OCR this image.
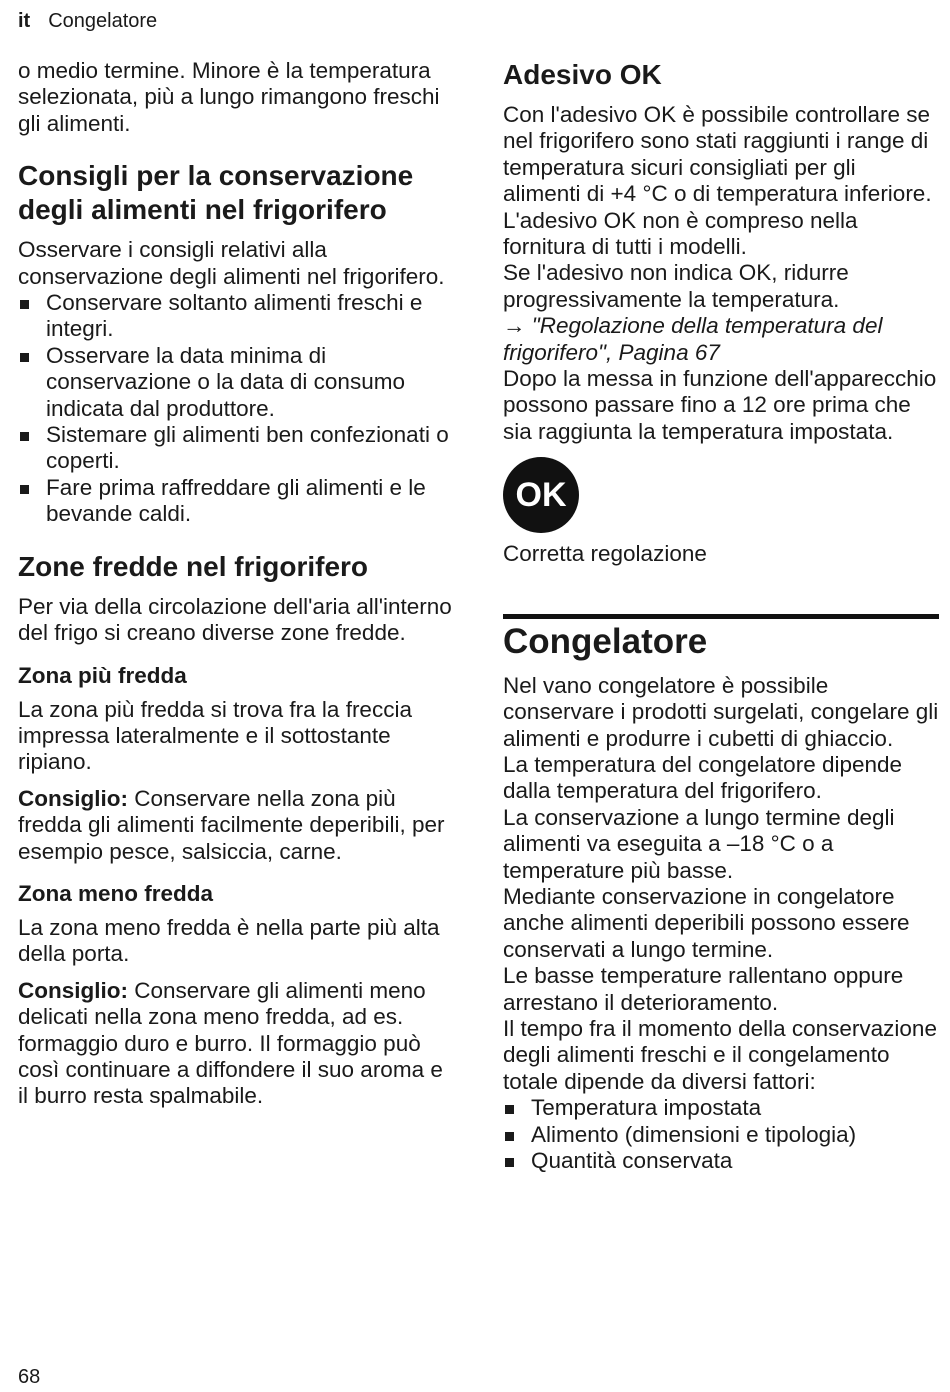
it Congelatore

o medio termine. Minore è la temperatura selezionata, più a lungo rimangono freschi gli alimenti.

Consigli per la conservazione degli alimenti nel frigorifero

Osservare i consigli relativi alla conservazione degli alimenti nel frigorifero.

Conservare soltanto alimenti freschi e integri.
Osservare la data minima di conservazione o la data di consumo indicata dal produttore.
Sistemare gli alimenti ben confezionati o coperti.
Fare prima raffreddare gli alimenti e le bevande caldi.
Zone fredde nel frigorifero

Per via della circolazione dell'aria all'interno del frigo si creano diverse zone fredde.

Zona più fredda

La zona più fredda si trova fra la freccia impressa lateralmente e il sottostante ripiano.

Consiglio: Conservare nella zona più fredda gli alimenti facilmente deperibili, per esempio pesce, salsiccia, carne.

Zona meno fredda

La zona meno fredda è nella parte più alta della porta.

Consiglio: Conservare gli alimenti meno delicati nella zona meno fredda, ad es. formaggio duro e burro. Il formaggio può così continuare a diffondere il suo aroma e il burro resta spalmabile.

Adesivo OK

Con l'adesivo OK è possibile controllare se nel frigorifero sono stati raggiunti i range di temperatura sicuri consigliati per gli alimenti di +4 °C o di temperatura inferiore.

L'adesivo OK non è compreso nella fornitura di tutti i modelli.

Se l'adesivo non indica OK, ridurre progressivamente la temperatura.

→ "Regolazione della temperatura del frigorifero", Pagina 67

Dopo la messa in funzione dell'apparecchio possono passare fino a 12 ore prima che sia raggiunta la temperatura impostata.

OK

Corretta regolazione

Congelatore

Nel vano congelatore è possibile conservare i prodotti surgelati, congelare gli alimenti e produrre i cubetti di ghiaccio.

La temperatura del congelatore dipende dalla temperatura del frigorifero.

La conservazione a lungo termine degli alimenti va eseguita a –18 °C o a temperature più basse.

Mediante conservazione in congelatore anche alimenti deperibili possono essere conservati a lungo termine.

Le basse temperature rallentano oppure arrestano il deterioramento.

Il tempo fra il momento della conservazione degli alimenti freschi e il congelamento totale dipende da diversi fattori:

Temperatura impostata
Alimento (dimensioni e tipologia)
Quantità conservata
68
